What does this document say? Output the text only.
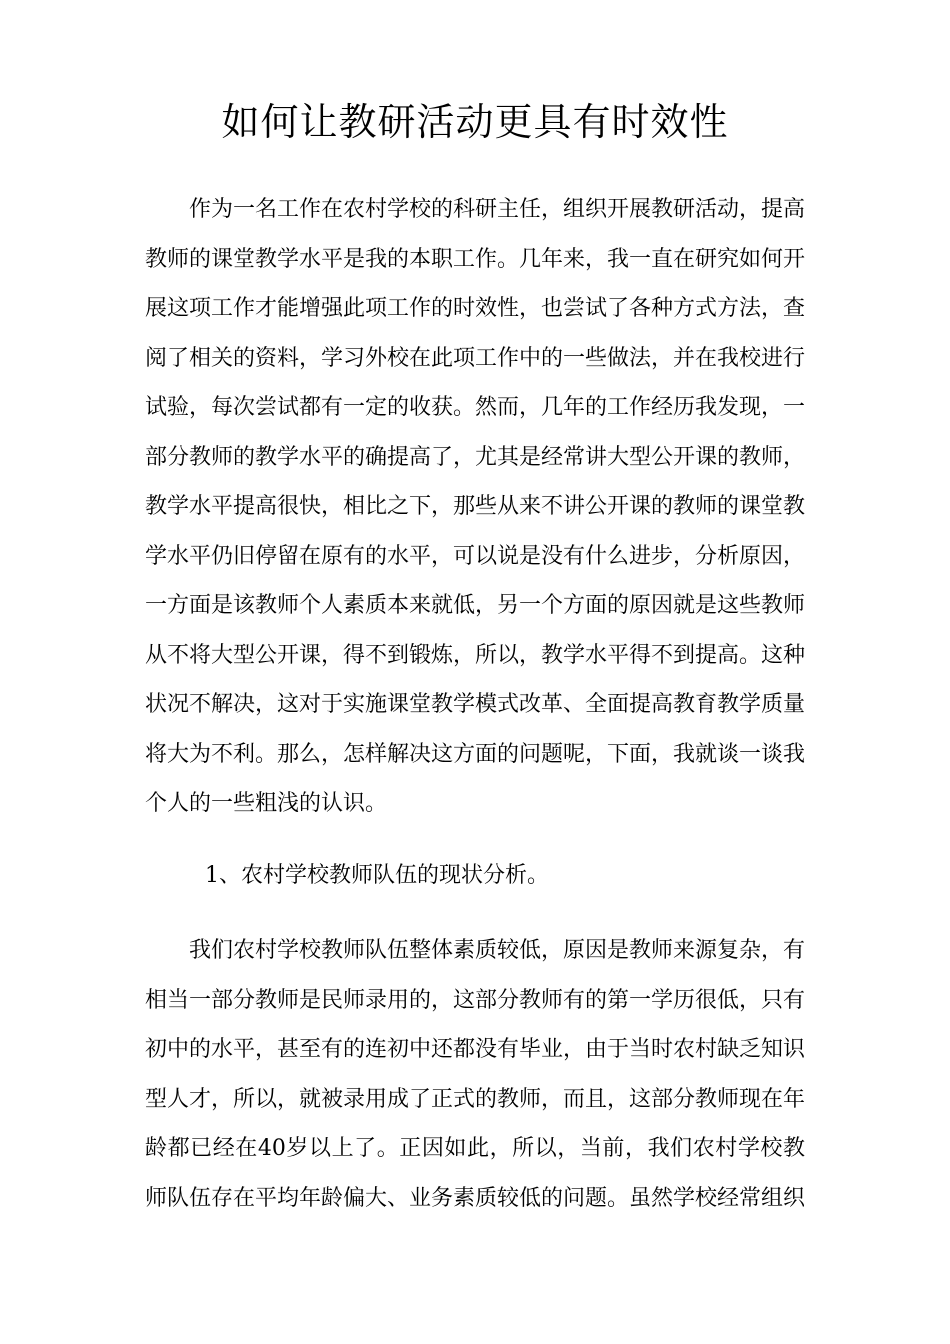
如何让教研活动更具有时效性

作为一名工作在农村学校的科研主任，组织开展教研活动，提高教师的课堂教学水平是我的本职工作。几年来，我一直在研究如何开展这项工作才能增强此项工作的时效性，也尝试了各种方式方法，查阅了相关的资料，学习外校在此项工作中的一些做法，并在我校进行试验，每次尝试都有一定的收获。然而，几年的工作经历我发现，一部分教师的教学水平的确提高了，尤其是经常讲大型公开课的教师，教学水平提高很快，相比之下，那些从来不讲公开课的教师的课堂教学水平仍旧停留在原有的水平，可以说是没有什么进步，分析原因，一方面是该教师个人素质本来就低，另一个方面的原因就是这些教师从不将大型公开课，得不到锻炼，所以，教学水平得不到提高。这种状况不解决，这对于实施课堂教学模式改革、全面提高教育教学质量将大为不利。那么，怎样解决这方面的问题呢，下面，我就谈一谈我个人的一些粗浅的认识。

1、农村学校教师队伍的现状分析。

我们农村学校教师队伍整体素质较低，原因是教师来源复杂，有相当一部分教师是民师录用的，这部分教师有的第一学历很低，只有初中的水平，甚至有的连初中还都没有毕业，由于当时农村缺乏知识型人才，所以，就被录用成了正式的教师，而且，这部分教师现在年龄都已经在40岁以上了。正因如此，所以，当前，我们农村学校教师队伍存在平均年龄偏大、业务素质较低的问题。虽然学校经常组织
